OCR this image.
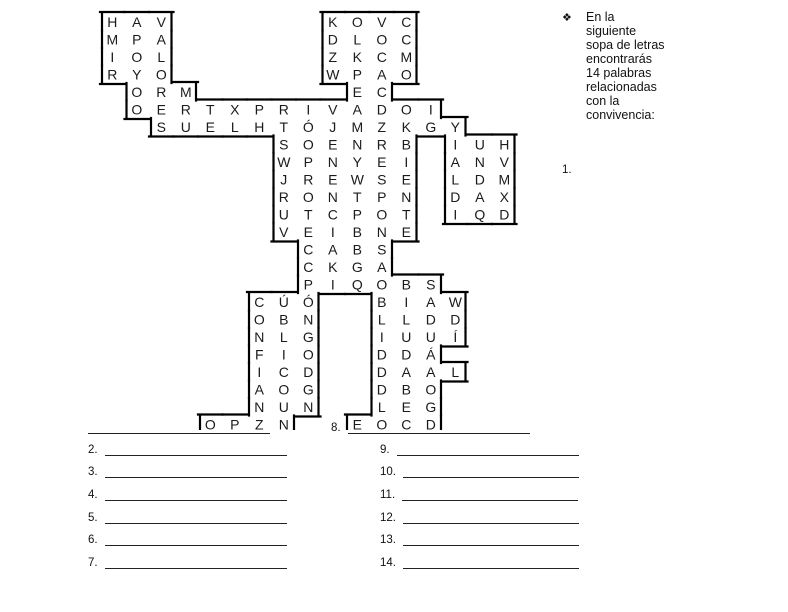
H A V	K O V C
M P A	D L O C
I O L	Z K C M
R Y O	W P A O
O R M	E C
O E R T X P R I V A D O I
S U E L H T Ó J M Z K G Y
S O E N R B	I U H
W P N Y E I	A N V
J R E W S E	L D M
R O N T P N	D A X
U T C P O T	I Q D
V E I B N E
C A B S
C K G A
P I Q O B S
C Ú Ó	B I A W
O B N	L L D D
N L G	I U U Í
F I O	D D Á
I C D	D A A L
A O G	D B O
N U N	L E G
O P Z N	E O C D
❖ En la
siguiente
sopa de letras
encontrarás
14 palabras
relacionadas
con la
convivencia:
1.
8.
2.	9.
3.	10.
4.	11.
5.	12.
6.	13.
7.	14.
